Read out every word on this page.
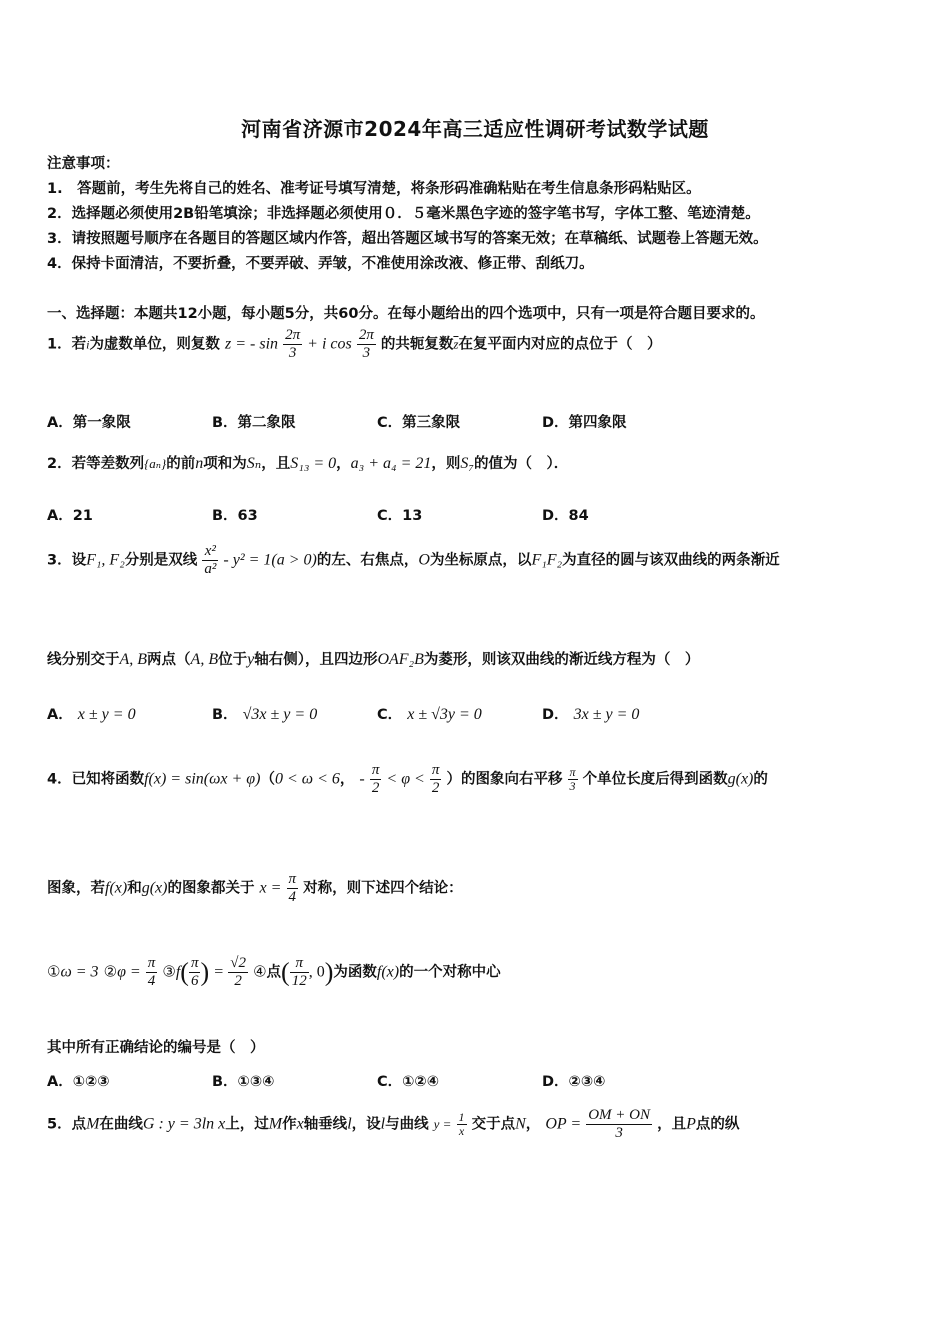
河南省济源市2024年高三适应性调研考试数学试题
注意事项：
1.　答题前，考生先将自己的姓名、准考证号填写清楚，将条形码准确粘贴在考生信息条形码粘贴区。
2．选择题必须使用2B铅笔填涂；非选择题必须使用０．５毫米黑色字迹的签字笔书写，字体工整、笔迹清楚。
3．请按照题号顺序在各题目的答题区域内作答，超出答题区域书写的答案无效；在草稿纸、试题卷上答题无效。
4．保持卡面清洁，不要折叠，不要弄破、弄皱，不准使用涂改液、修正带、刮纸刀。
一、选择题：本题共12小题，每小题5分，共60分。在每小题给出的四个选项中，只有一项是符合题目要求的。
1．若i为虚数单位，则复数 z = - $\sin \frac{2\pi}{3} + i$ $\cos \frac{2\pi}{3}$ 的共轭复数$\overline{z}$在复平面内对应的点位于（　）
A．第一象限	B．第二象限	C．第三象限	D．第四象限
2．若等差数列{aₙ}的前n项和为Sₙ，且S₁₃ = 0，a₃ + a₄ = 21，则S₇的值为（　）．
A．21	B．63	C．13	D．84
3．设F₁, F₂分别是双线 $\frac{\text{x²}}{\text{a²}} - y^2 = 1(a > 0)$的左、右焦点，O为坐标原点，以F₁F₂为直径的圆与该双曲线的两条渐近
线分别交于A, B两点（A, B位于y轴右侧），且四边形OAF₂B为菱形，则该双曲线的渐近线方程为（　）
A． x ± y = 0	B． √3x ± y = 0	C． x ± √3y = 0	D． 3x ± y = 0
4．已知将函数f(x) = sin(ωx + φ)（0 < ω < 6， - $\frac{\pi}{2} < \varphi < \frac{\pi}{2}$ ）的图象向右平移 $\frac{\pi}{3}$ 个单位长度后得到函数g(x)的
图象，若f(x)和g(x)的图象都关于 $x = \frac{\pi}{4}$ 对称，则下述四个结论：
①ω = 3 ②φ = $\frac{\pi}{4}$ ③f( $\frac{\pi}{6}$ ) = $\frac{√2}{2}$ ④点( $\frac{\pi}{12}$ , 0)为函数f(x)的一个对称中心
其中所有正确结论的编号是（　）
A．①②③	B．①③④	C．①②④	D．②③④
5．点M在曲线G : y = 3ln x上，过M作x轴垂线l，设l与曲线 $y = \frac{1}{x}$ 交于点N， OP = $\frac{OM + ON}{3}$ ，且P点的纵
